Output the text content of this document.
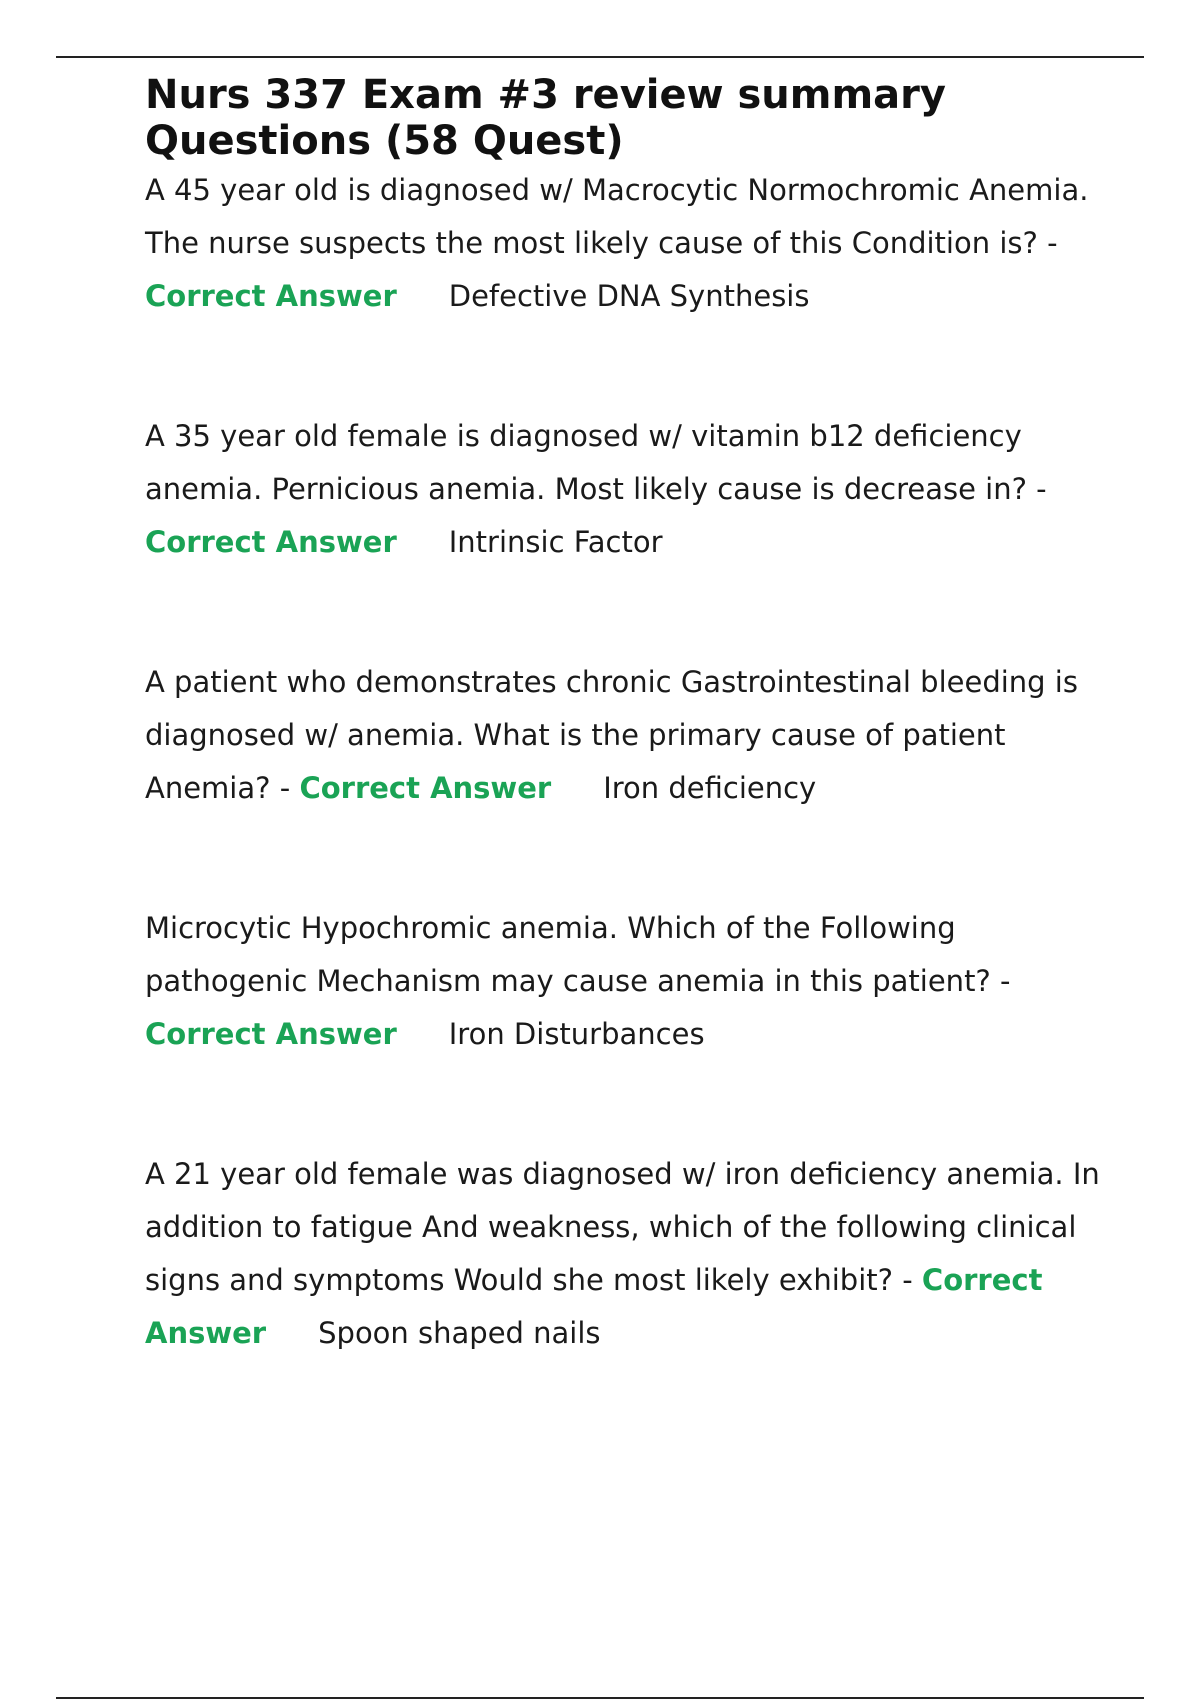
Nurs 337 Exam #3 review summary Questions (58 Quest)

A 45 year old is diagnosed w/ Macrocytic Normochromic Anemia. The nurse suspects the most likely cause of this Condition is? - Correct Answer Defective DNA Synthesis

A 35 year old female is diagnosed w/ vitamin b12 deficiency anemia. Pernicious anemia. Most likely cause is decrease in? - Correct Answer Intrinsic Factor

A patient who demonstrates chronic Gastrointestinal bleeding is diagnosed w/ anemia. What is the primary cause of patient Anemia? - Correct Answer Iron deficiency

Microcytic Hypochromic anemia. Which of the Following pathogenic Mechanism may cause anemia in this patient? - Correct Answer Iron Disturbances

A 21 year old female was diagnosed w/ iron deficiency anemia. In addition to fatigue And weakness, which of the following clinical signs and symptoms Would she most likely exhibit? - Correct Answer Spoon shaped nails
